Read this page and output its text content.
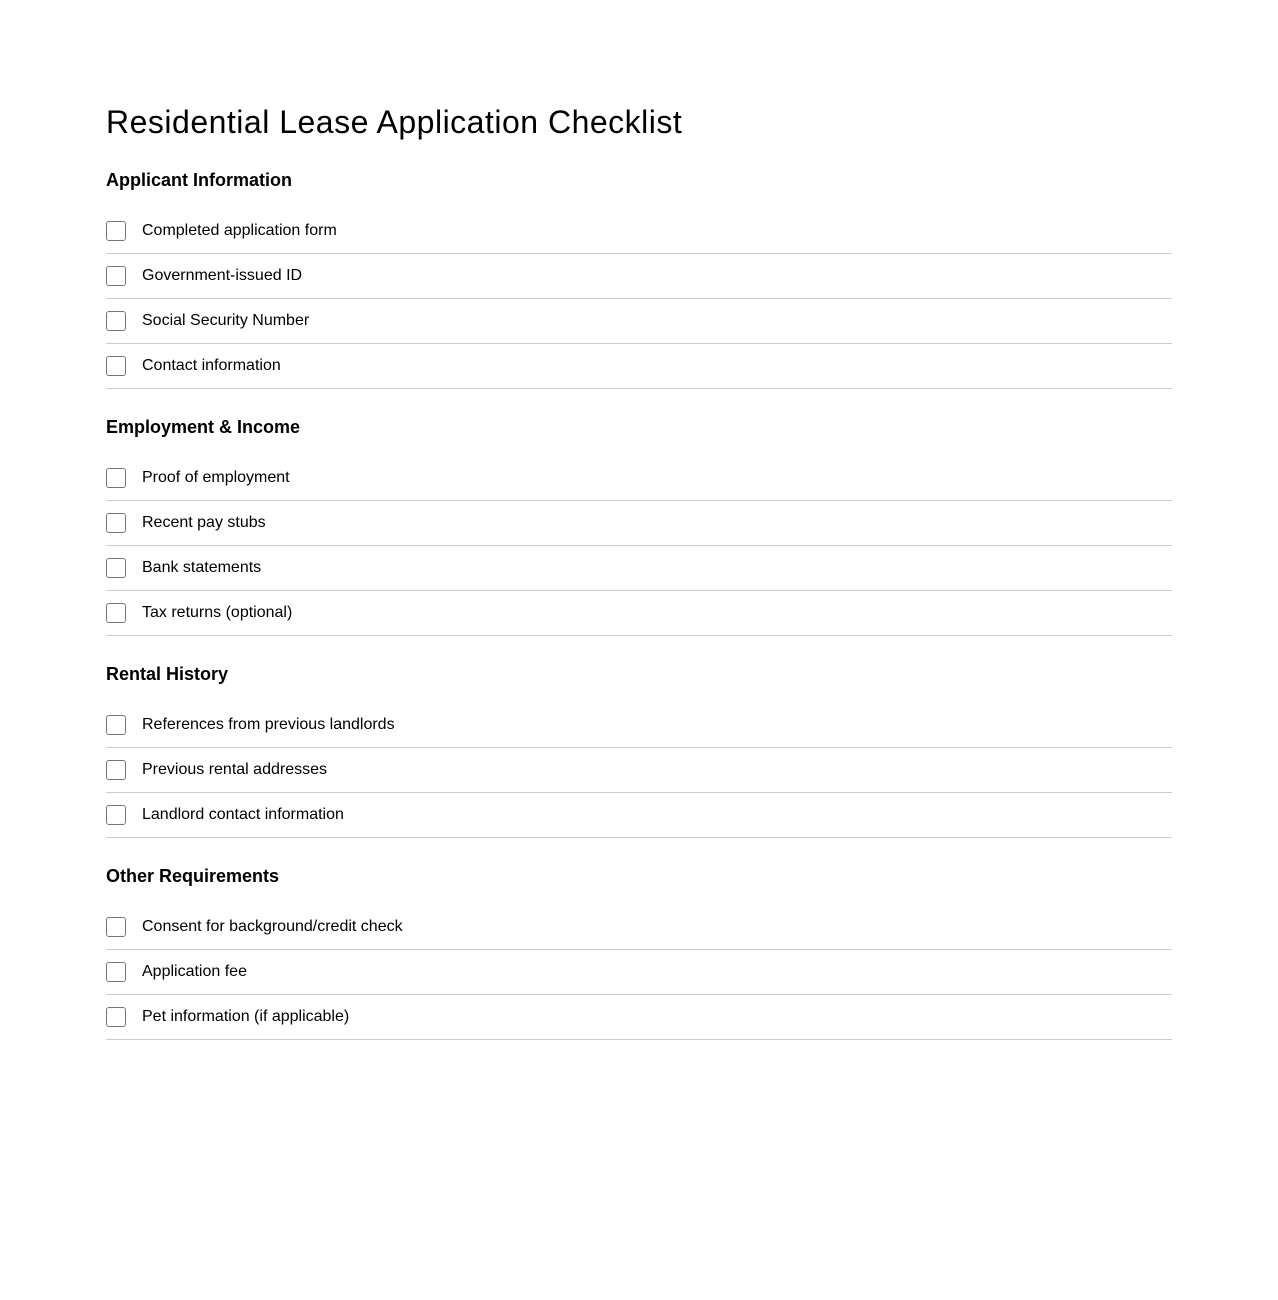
Residential Lease Application Checklist
Applicant Information
Completed application form
Government-issued ID
Social Security Number
Contact information
Employment & Income
Proof of employment
Recent pay stubs
Bank statements
Tax returns (optional)
Rental History
References from previous landlords
Previous rental addresses
Landlord contact information
Other Requirements
Consent for background/credit check
Application fee
Pet information (if applicable)
